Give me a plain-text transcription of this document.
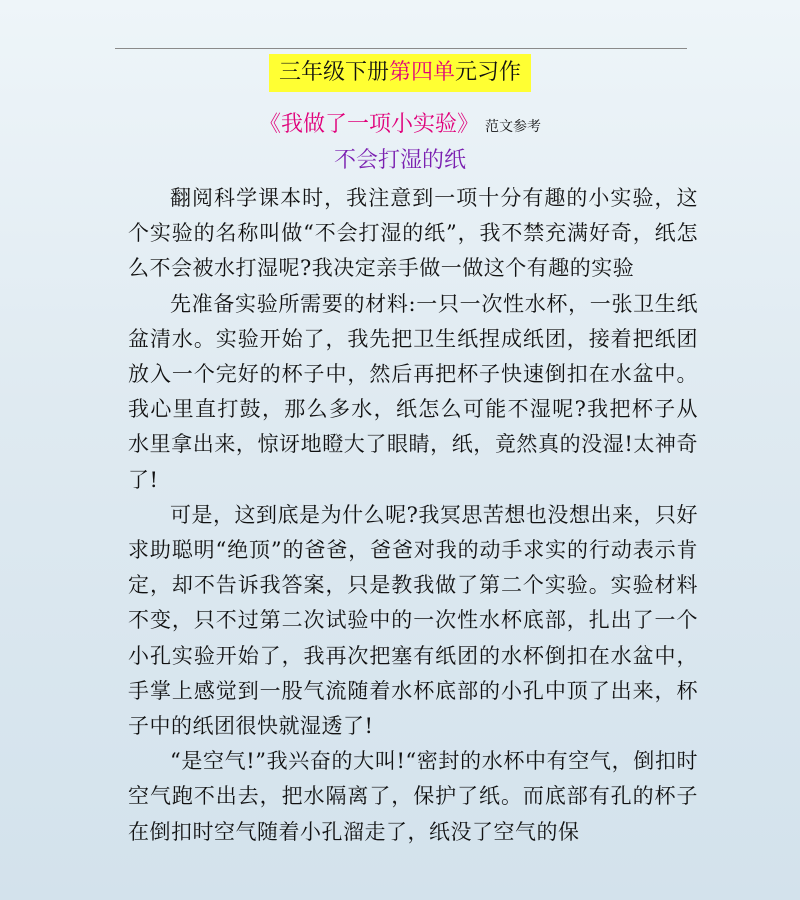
三年级下册第四单元习作
《我做了一项小实验》 范文参考
不会打湿的纸

翻阅科学课本时，我注意到一项十分有趣的小实验，这个实验的名称叫做“不会打湿的纸”，我不禁充满好奇，纸怎么不会被水打湿呢?我决定亲手做一做这个有趣的实验

先准备实验所需要的材料:一只一次性水杯，一张卫生纸盆清水。实验开始了，我先把卫生纸捏成纸团，接着把纸团放入一个完好的杯子中，然后再把杯子快速倒扣在水盆中。我心里直打鼓，那么多水，纸怎么可能不湿呢?我把杯子从水里拿出来，惊讶地瞪大了眼睛，纸，竟然真的没湿!太神奇了!

可是，这到底是为什么呢?我冥思苦想也没想出来，只好求助聪明“绝顶”的爸爸，爸爸对我的动手求实的行动表示肯定，却不告诉我答案，只是教我做了第二个实验。实验材料不变，只不过第二次试验中的一次性水杯底部，扎出了一个小孔实验开始了，我再次把塞有纸团的水杯倒扣在水盆中，手掌上感觉到一股气流随着水杯底部的小孔中顶了出来，杯子中的纸团很快就湿透了!

“是空气!”我兴奋的大叫!“密封的水杯中有空气，倒扣时空气跑不出去，把水隔离了，保护了纸。而底部有孔的杯子在倒扣时空气随着小孔溜走了，纸没了空气的保
